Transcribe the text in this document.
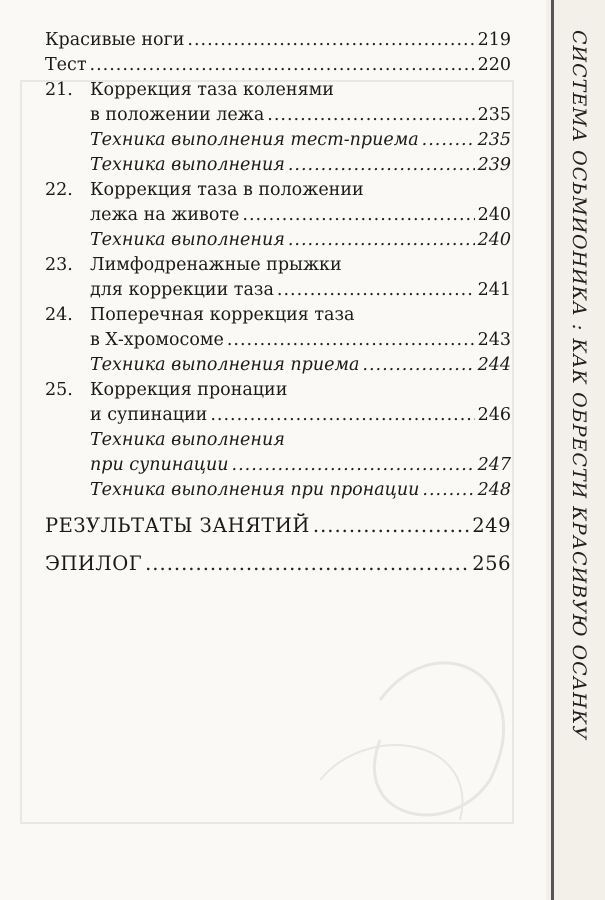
СИСТЕМА ОСЬМИОНИКА : КАК ОБРЕСТИ КРАСИВУЮ ОСАНКУ
Красивые ноги .....	219
Тест .....	220
21. Коррекция таза коленями
в положении лежа .....	235
Техника выполнения тест-приема .....	235
Техника выполнения .....	239
22. Коррекция таза в положении
лежа на животе .....	240
Техника выполнения .....	240
23. Лимфодренажные прыжки
для коррекции таза .....	241
24. Поперечная коррекция таза
в Х-хромосоме .....	243
Техника выполнения приема .....	244
25. Коррекция пронации
и супинации .....	246
Техника выполнения
при супинации .....	247
Техника выполнения при пронации .....	248
РЕЗУЛЬТАТЫ ЗАНЯТИЙ .....	249
ЭПИЛОГ .....	256
